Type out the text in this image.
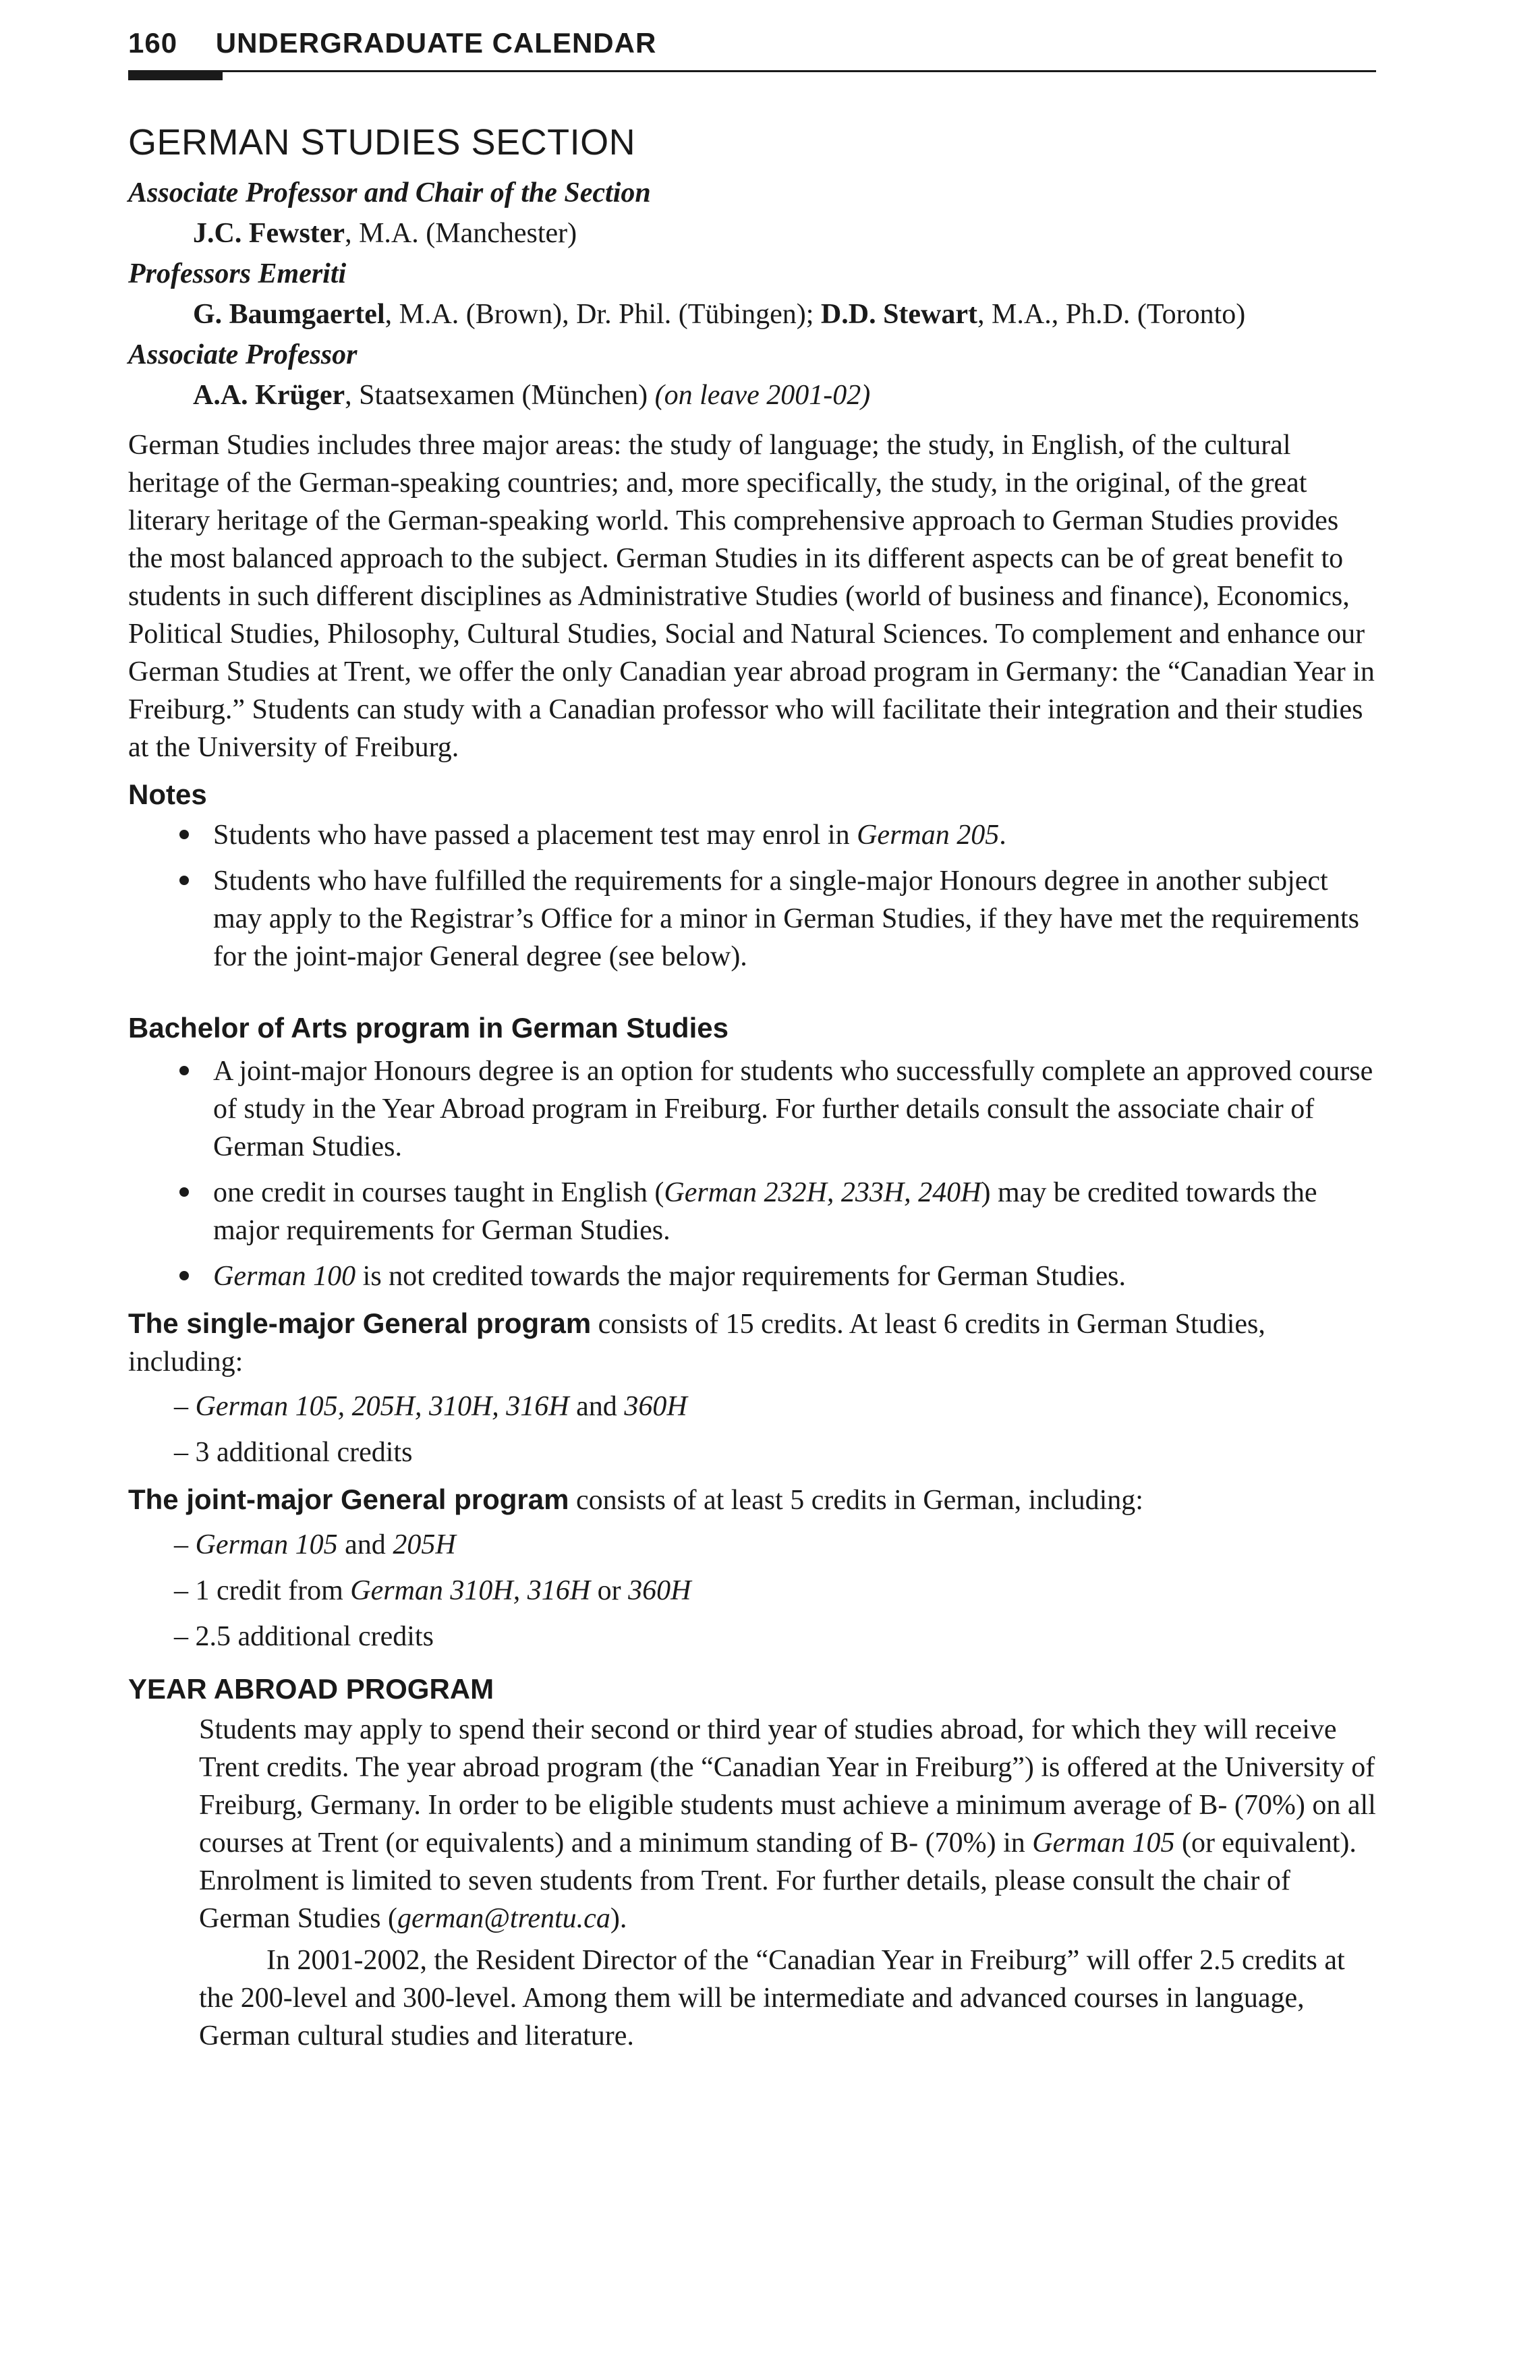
160 UNDERGRADUATE CALENDAR
GERMAN STUDIES SECTION

Associate Professor and Chair of the Section

J.C. Fewster, M.A. (Manchester)

Professors Emeriti

G. Baumgaertel, M.A. (Brown), Dr. Phil. (Tübingen); D.D. Stewart, M.A., Ph.D. (Toronto)

Associate Professor

A.A. Krüger, Staatsexamen (München) (on leave 2001-02)

German Studies includes three major areas: the study of language; the study, in English, of the cultural heritage of the German-speaking countries; and, more specifically, the study, in the original, of the great literary heritage of the German-speaking world. This comprehensive approach to German Studies provides the most balanced approach to the subject. German Studies in its different aspects can be of great benefit to students in such different disciplines as Administrative Studies (world of business and finance), Economics, Political Studies, Philosophy, Cultural Studies, Social and Natural Sciences. To complement and enhance our German Studies at Trent, we offer the only Canadian year abroad program in Germany: the “Canadian Year in Freiburg.” Students can study with a Canadian professor who will facilitate their integration and their studies at the University of Freiburg.

Notes
Students who have passed a placement test may enrol in German 205.
Students who have fulfilled the requirements for a single-major Honours degree in another subject may apply to the Registrar’s Office for a minor in German Studies, if they have met the requirements for the joint-major General degree (see below).
Bachelor of Arts program in German Studies
A joint-major Honours degree is an option for students who successfully complete an approved course of study in the Year Abroad program in Freiburg. For further details consult the associate chair of German Studies.
one credit in courses taught in English (German 232H, 233H, 240H) may be credited towards the major requirements for German Studies.
German 100 is not credited towards the major requirements for German Studies.

The single-major General program consists of 15 credits. At least 6 credits in German Studies, including:

– German 105, 205H, 310H, 316H and 360H
– 3 additional credits

The joint-major General program consists of at least 5 credits in German, including:

– German 105 and 205H
– 1 credit from German 310H, 316H or 360H
– 2.5 additional credits
YEAR ABROAD PROGRAM

Students may apply to spend their second or third year of studies abroad, for which they will receive Trent credits. The year abroad program (the “Canadian Year in Freiburg”) is offered at the University of Freiburg, Germany. In order to be eligible students must achieve a minimum average of B- (70%) on all courses at Trent (or equivalents) and a minimum standing of B- (70%) in German 105 (or equivalent). Enrolment is limited to seven students from Trent. For further details, please consult the chair of German Studies (german@trentu.ca).

In 2001-2002, the Resident Director of the “Canadian Year in Freiburg” will offer 2.5 credits at the 200-level and 300-level. Among them will be intermediate and advanced courses in language, German cultural studies and literature.
